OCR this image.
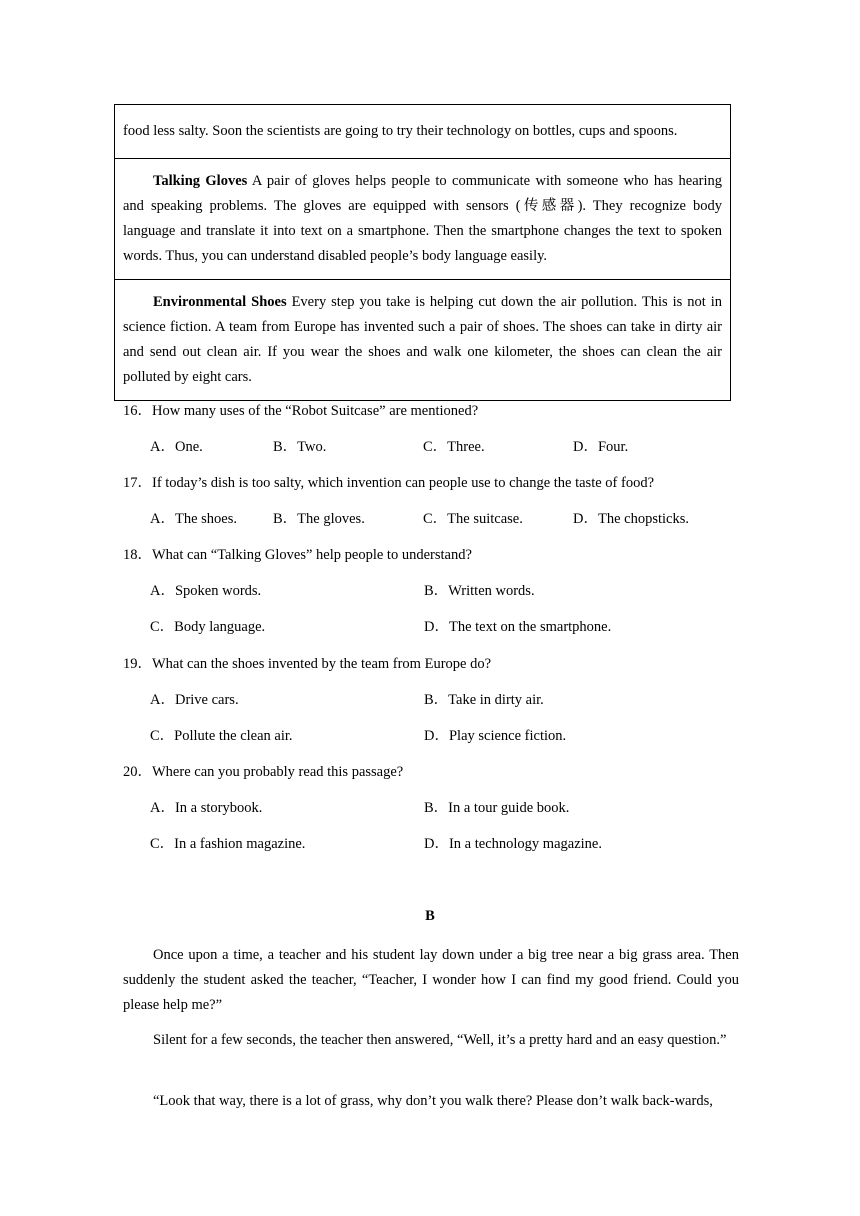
food less salty. Soon the scientists are going to try their technology on bottles, cups and spoons.

Talking Gloves A pair of gloves helps people to communicate with someone who has hearing and speaking problems. The gloves are equipped with sensors (传感器). They recognize body language and translate it into text on a smartphone. Then the smartphone changes the text to spoken words. Thus, you can understand disabled people’s body language easily.

Environmental Shoes Every step you take is helping cut down the air pollution. This is not in science fiction. A team from Europe has invented such a pair of shoes. The shoes can take in dirty air and send out clean air. If you wear the shoes and walk one kilometer, the shoes can clean the air polluted by eight cars.

16．How many uses of the “Robot Suitcase” are mentioned?
A．One.	B．Two.	C．Three.	D．Four.
17．If today’s dish is too salty, which invention can people use to change the taste of food?
A．The shoes. B．The gloves.	C．The suitcase.	D．The chopsticks.
18．What can “Talking Gloves” help people to understand?
A．Spoken words.	B．Written words.
C．Body language.	D．The text on the smartphone.
19．What can the shoes invented by the team from Europe do?
A．Drive cars.	B．Take in dirty air.
C．Pollute the clean air.	D．Play science fiction.
20．Where can you probably read this passage?
A．In a storybook.	B．In a tour guide book.
C．In a fashion magazine.	D．In a technology magazine.
B

Once upon a time, a teacher and his student lay down under a big tree near a big grass area. Then suddenly the student asked the teacher, “Teacher, I wonder how I can find my good friend. Could you please help me?”

Silent for a few seconds, the teacher then answered, “Well, it’s a pretty hard and an easy question.”

“Look that way, there is a lot of grass, why don’t you walk there? Please don’t walk back-wards,
